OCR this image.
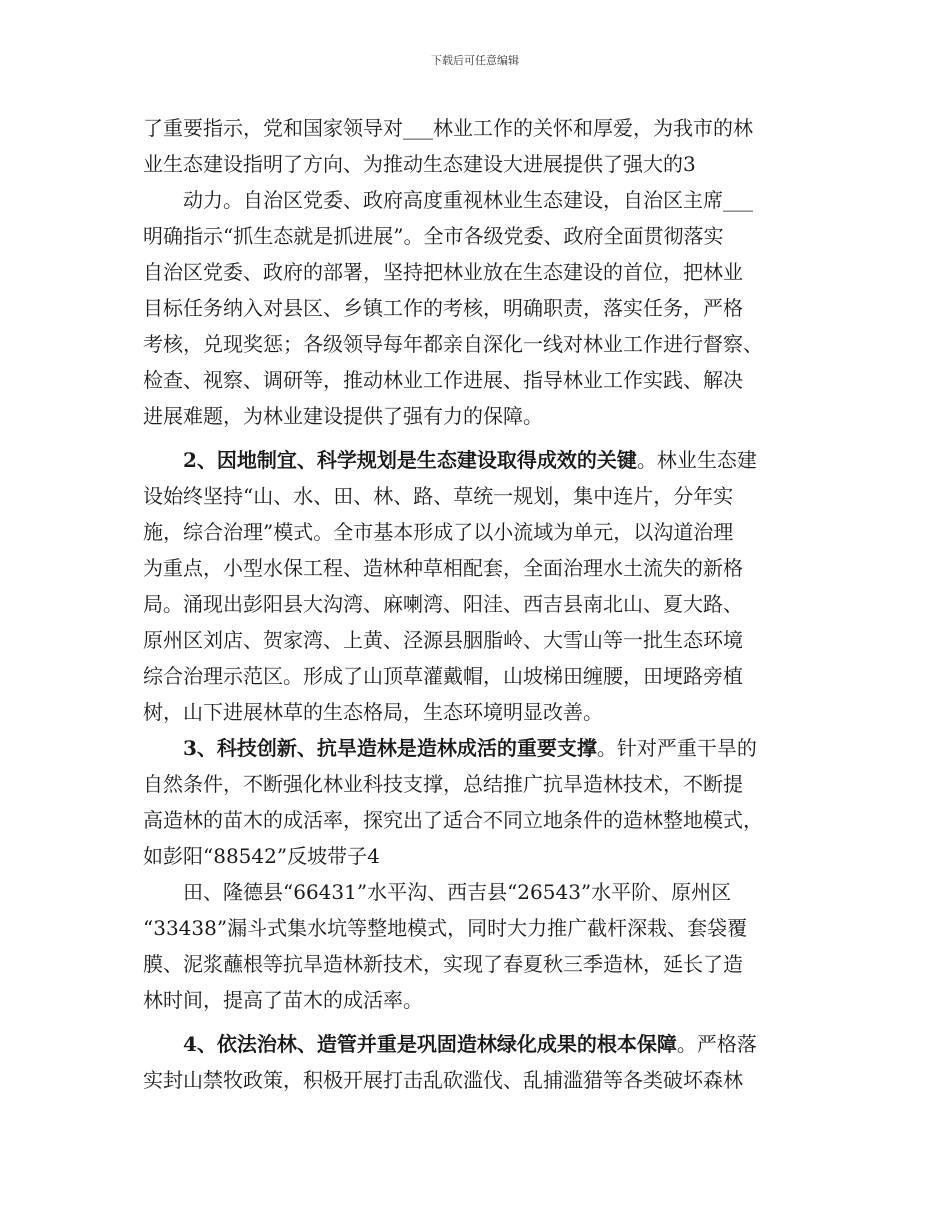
下载后可任意编辑
了重要指示，党和国家领导对___林业工作的关怀和厚爱，为我市的林
业生态建设指明了方向、为推动生态建设大进展提供了强大的3
动力。自治区党委、政府高度重视林业生态建设，自治区主席___
明确指示“抓生态就是抓进展”。全市各级党委、政府全面贯彻落实
自治区党委、政府的部署，坚持把林业放在生态建设的首位，把林业
目标任务纳入对县区、乡镇工作的考核，明确职责，落实任务，严格
考核，兑现奖惩；各级领导每年都亲自深化一线对林业工作进行督察、
检查、视察、调研等，推动林业工作进展、指导林业工作实践、解决
进展难题，为林业建设提供了强有力的保障。
2、因地制宜、科学规划是生态建设取得成效的关键。林业生态建
设始终坚持“山、水、田、林、路、草统一规划，集中连片，分年实
施，综合治理”模式。全市基本形成了以小流域为单元，以沟道治理
为重点，小型水保工程、造林种草相配套，全面治理水土流失的新格
局。涌现出彭阳县大沟湾、麻喇湾、阳洼、西吉县南北山、夏大路、
原州区刘店、贺家湾、上黄、泾源县胭脂岭、大雪山等一批生态环境
综合治理示范区。形成了山顶草灌戴帽，山坡梯田缠腰，田埂路旁植
树，山下进展林草的生态格局，生态环境明显改善。
3、科技创新、抗旱造林是造林成活的重要支撑。针对严重干旱的
自然条件，不断强化林业科技支撑，总结推广抗旱造林技术，不断提
高造林的苗木的成活率，探究出了适合不同立地条件的造林整地模式，
如彭阳“88542”反坡带子4
田、隆德县“66431”水平沟、西吉县“26543”水平阶、原州区
“33438”漏斗式集水坑等整地模式，同时大力推广截杆深栽、套袋覆
膜、泥浆蘸根等抗旱造林新技术，实现了春夏秋三季造林，延长了造
林时间，提高了苗木的成活率。
4、依法治林、造管并重是巩固造林绿化成果的根本保障。严格落
实封山禁牧政策，积极开展打击乱砍滥伐、乱捕滥猎等各类破坏森林
